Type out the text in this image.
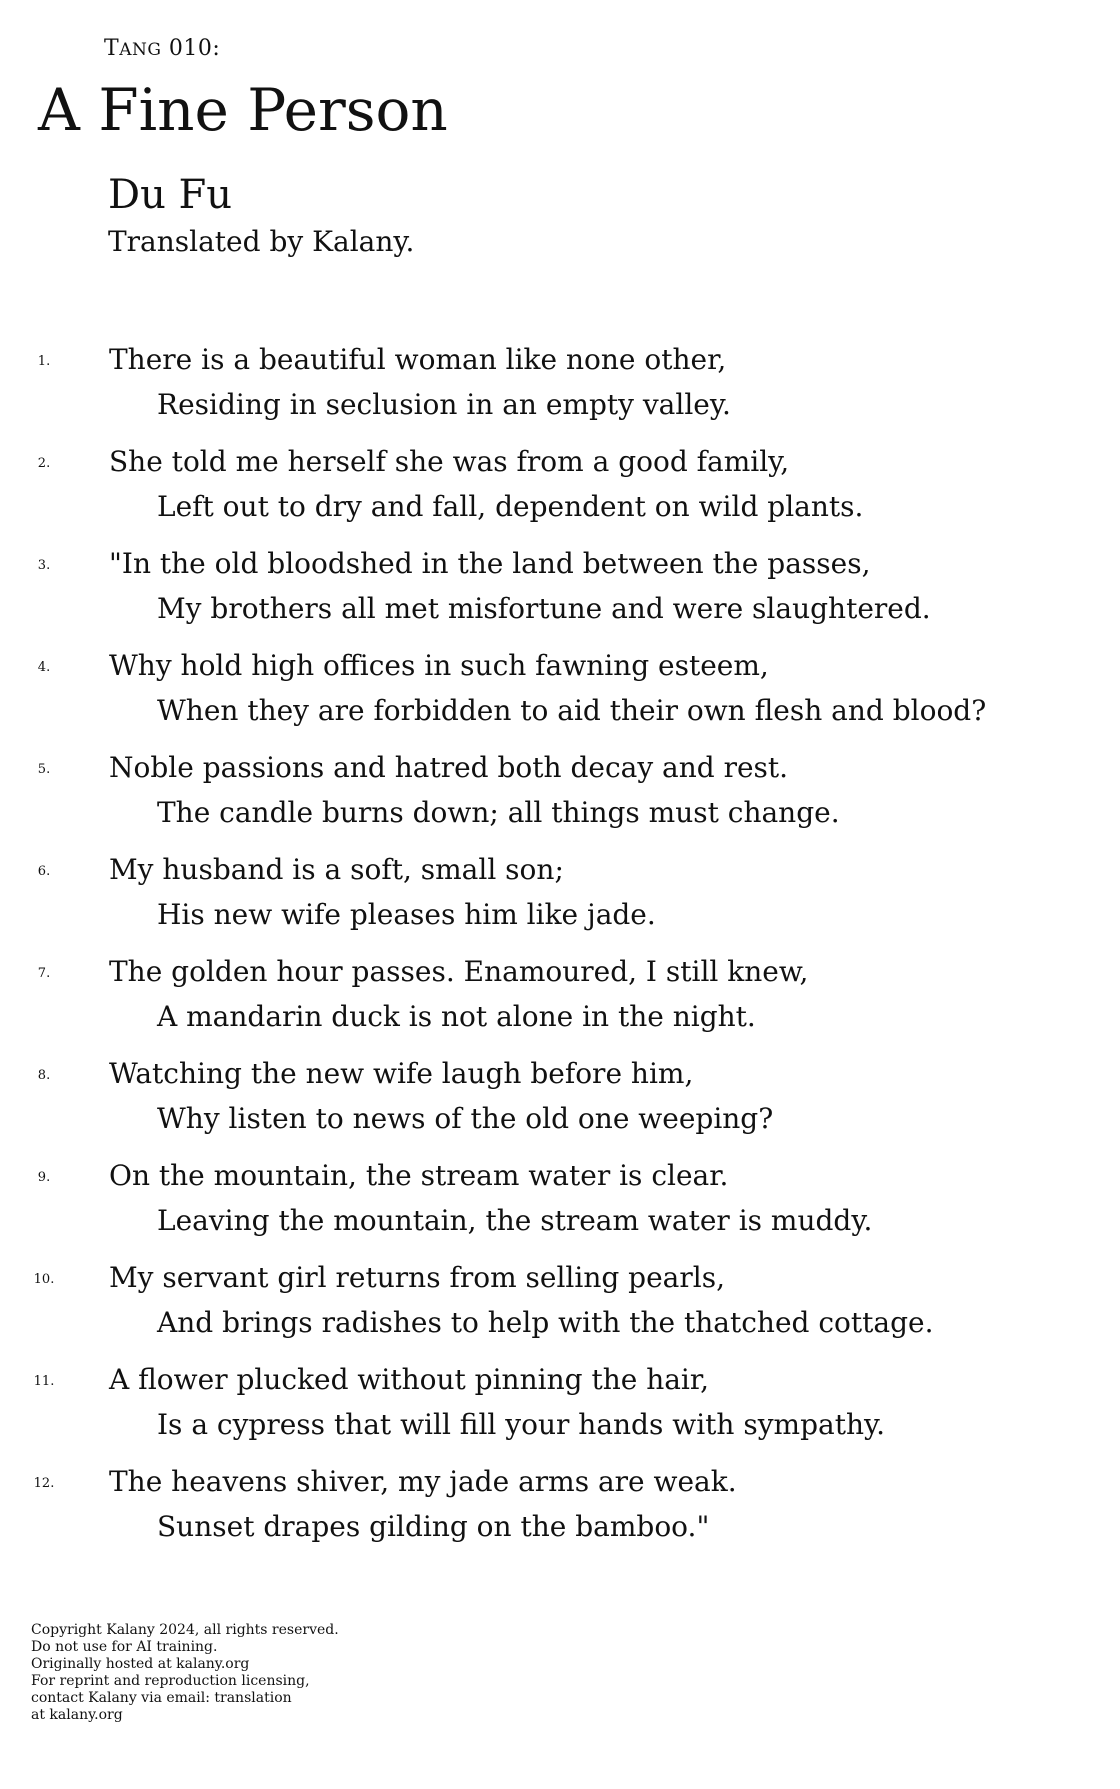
TANG 010:
A Fine Person
Du Fu
Translated by Kalany.
1. There is a beautiful woman like none other,
Residing in seclusion in an empty valley.
2. She told me herself she was from a good family,
Left out to dry and fall, dependent on wild plants.
3. "In the old bloodshed in the land between the passes,
My brothers all met misfortune and were slaughtered.
4. Why hold high offices in such fawning esteem,
When they are forbidden to aid their own flesh and blood?
5. Noble passions and hatred both decay and rest.
The candle burns down; all things must change.
6. My husband is a soft, small son;
His new wife pleases him like jade.
7. The golden hour passes. Enamoured, I still knew,
A mandarin duck is not alone in the night.
8. Watching the new wife laugh before him,
Why listen to news of the old one weeping?
9. On the mountain, the stream water is clear.
Leaving the mountain, the stream water is muddy.
10. My servant girl returns from selling pearls,
And brings radishes to help with the thatched cottage.
11. A flower plucked without pinning the hair,
Is a cypress that will fill your hands with sympathy.
12. The heavens shiver, my jade arms are weak.
Sunset drapes gilding on the bamboo."
Copyright Kalany 2024, all rights reserved.
Do not use for AI training.
Originally hosted at kalany.org
For reprint and reproduction licensing,
contact Kalany via email: translation
at kalany.org
